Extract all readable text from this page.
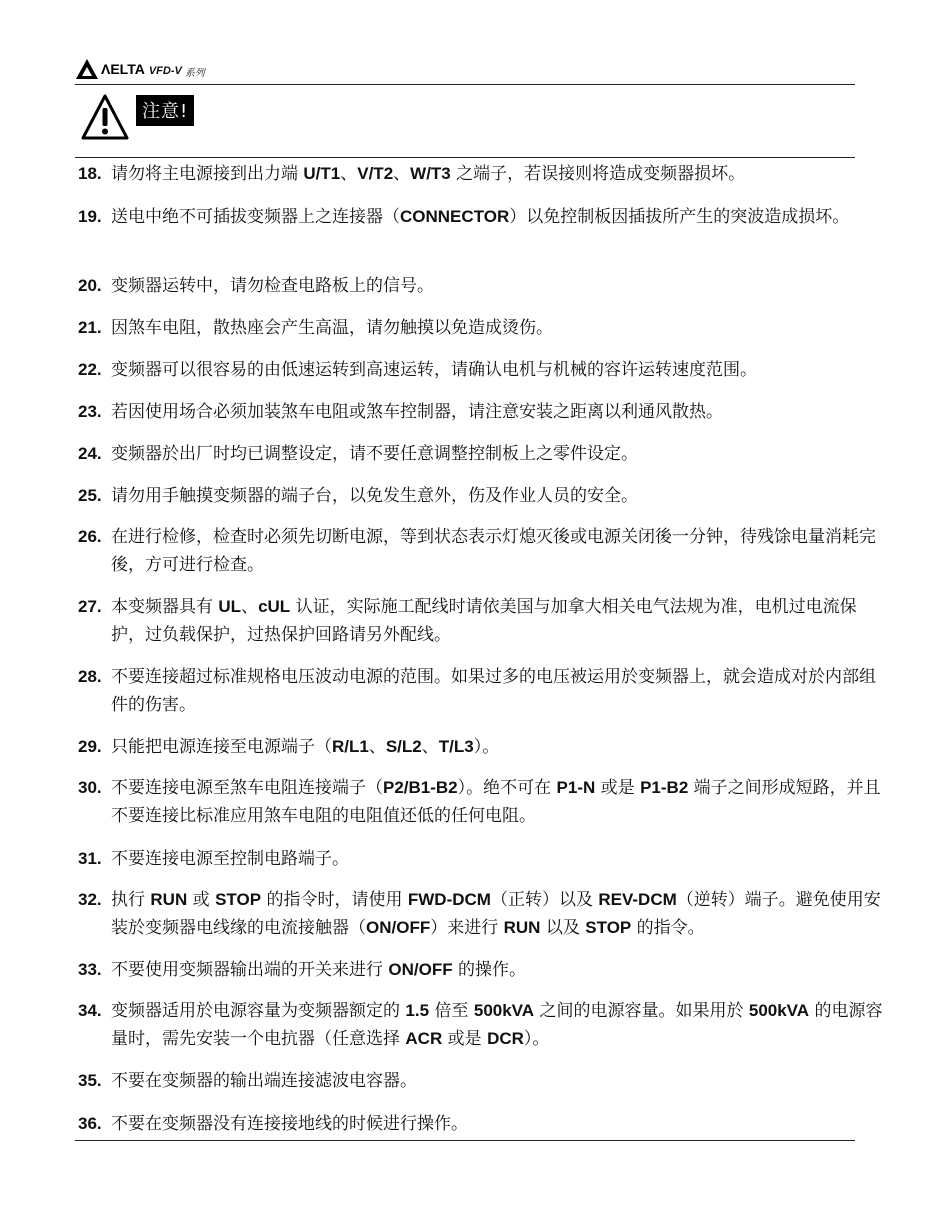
ΛELTA VFD-V 系列
注意!
18. 请勿将主电源接到出力端 U/T1、V/T2、W/T3 之端子，若误接则将造成变频器损坏。
19. 送电中绝不可插拔变频器上之连接器（CONNECTOR）以免控制板因插拔所产生的突波造成损坏。
20. 变频器运转中，请勿检查电路板上的信号。
21. 因煞车电阻，散热座会产生高温，请勿触摸以免造成烫伤。
22. 变频器可以很容易的由低速运转到高速运转，请确认电机与机械的容许运转速度范围。
23. 若因使用场合必须加装煞车电阻或煞车控制器，请注意安装之距离以利通风散热。
24. 变频器於出厂时均已调整设定，请不要任意调整控制板上之零件设定。
25. 请勿用手触摸变频器的端子台，以免发生意外，伤及作业人员的安全。
26. 在进行检修，检查时必须先切断电源，等到状态表示灯熄灭後或电源关闭後一分钟，待残馀电量消耗完後，方可进行检查。
27. 本变频器具有 UL、cUL 认证，实际施工配线时请依美国与加拿大相关电气法规为准，电机过电流保护，过负载保护，过热保护回路请另外配线。
28. 不要连接超过标准规格电压波动电源的范围。如果过多的电压被运用於变频器上，就会造成对於内部组件的伤害。
29. 只能把电源连接至电源端子（R/L1、S/L2、T/L3）。
30. 不要连接电源至煞车电阻连接端子（P2/B1-B2）。绝不可在 P1-N 或是 P1-B2 端子之间形成短路，并且不要连接比标准应用煞车电阻的电阻值还低的任何电阻。
31. 不要连接电源至控制电路端子。
32. 执行 RUN 或 STOP 的指令时，请使用 FWD-DCM（正转）以及 REV-DCM（逆转）端子。避免使用安装於变频器电线缘的电流接触器（ON/OFF）来进行 RUN 以及 STOP 的指令。
33. 不要使用变频器输出端的开关来进行 ON/OFF 的操作。
34. 变频器适用於电源容量为变频器额定的 1.5 倍至 500kVA 之间的电源容量。如果用於 500kVA 的电源容量时，需先安装一个电抗器（任意选择 ACR 或是 DCR）。
35. 不要在变频器的输出端连接滤波电容器。
36. 不要在变频器没有连接接地线的时候进行操作。
